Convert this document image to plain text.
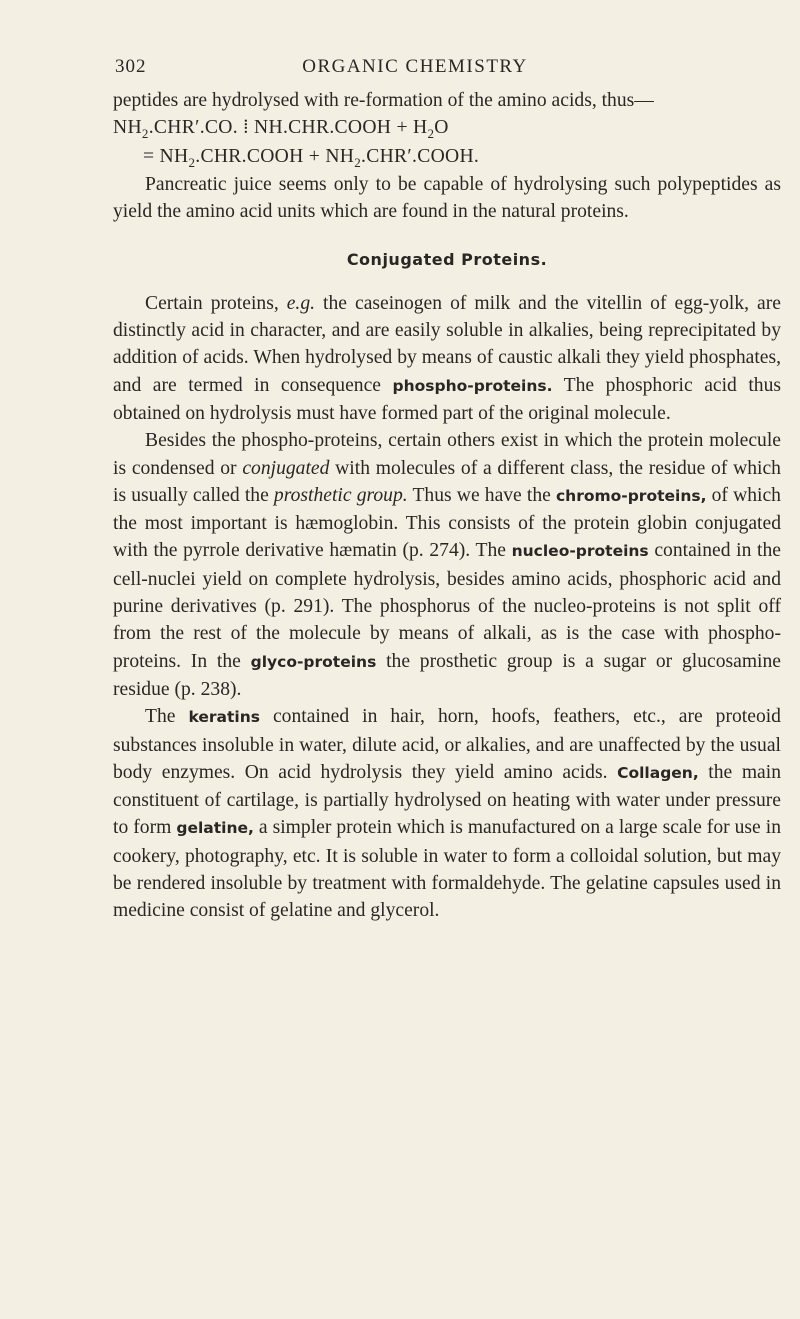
302	ORGANIC CHEMISTRY

peptides are hydrolysed with re-formation of the amino acids, thus—

$NH_2.CHR'.CO$. ⁞ NH.CHR.COOH + $H_2O$

= $NH_2.CHR.COOH$ + $NH_2.CHR'.COOH$.

Pancreatic juice seems only to be capable of hydrolysing such polypeptides as yield the amino acid units which are found in the natural proteins.

Conjugated Proteins.

Certain proteins, e.g. the caseinogen of milk and the vitellin of egg-yolk, are distinctly acid in character, and are easily soluble in alkalies, being reprecipitated by addition of acids. When hydrolysed by means of caustic alkali they yield phosphates, and are termed in consequence phospho-proteins. The phosphoric acid thus obtained on hydrolysis must have formed part of the original molecule.

Besides the phospho-proteins, certain others exist in which the protein molecule is condensed or conjugated with molecules of a different class, the residue of which is usually called the prosthetic group. Thus we have the chromo-proteins, of which the most important is hæmoglobin. This consists of the protein globin conjugated with the pyrrole derivative hæmatin (p. 274). The nucleo-proteins contained in the cell-nuclei yield on complete hydrolysis, besides amino acids, phosphoric acid and purine derivatives (p. 291). The phosphorus of the nucleo-proteins is not split off from the rest of the molecule by means of alkali, as is the case with phospho-proteins. In the glyco-proteins the prosthetic group is a sugar or glucosamine residue (p. 238).

The keratins contained in hair, horn, hoofs, feathers, etc., are proteoid substances insoluble in water, dilute acid, or alkalies, and are unaffected by the usual body enzymes. On acid hydrolysis they yield amino acids. Collagen, the main constituent of cartilage, is partially hydrolysed on heating with water under pressure to form gelatine, a simpler protein which is manufactured on a large scale for use in cookery, photography, etc. It is soluble in water to form a colloidal solution, but may be rendered insoluble by treatment with formaldehyde. The gelatine capsules used in medicine consist of gelatine and glycerol.
